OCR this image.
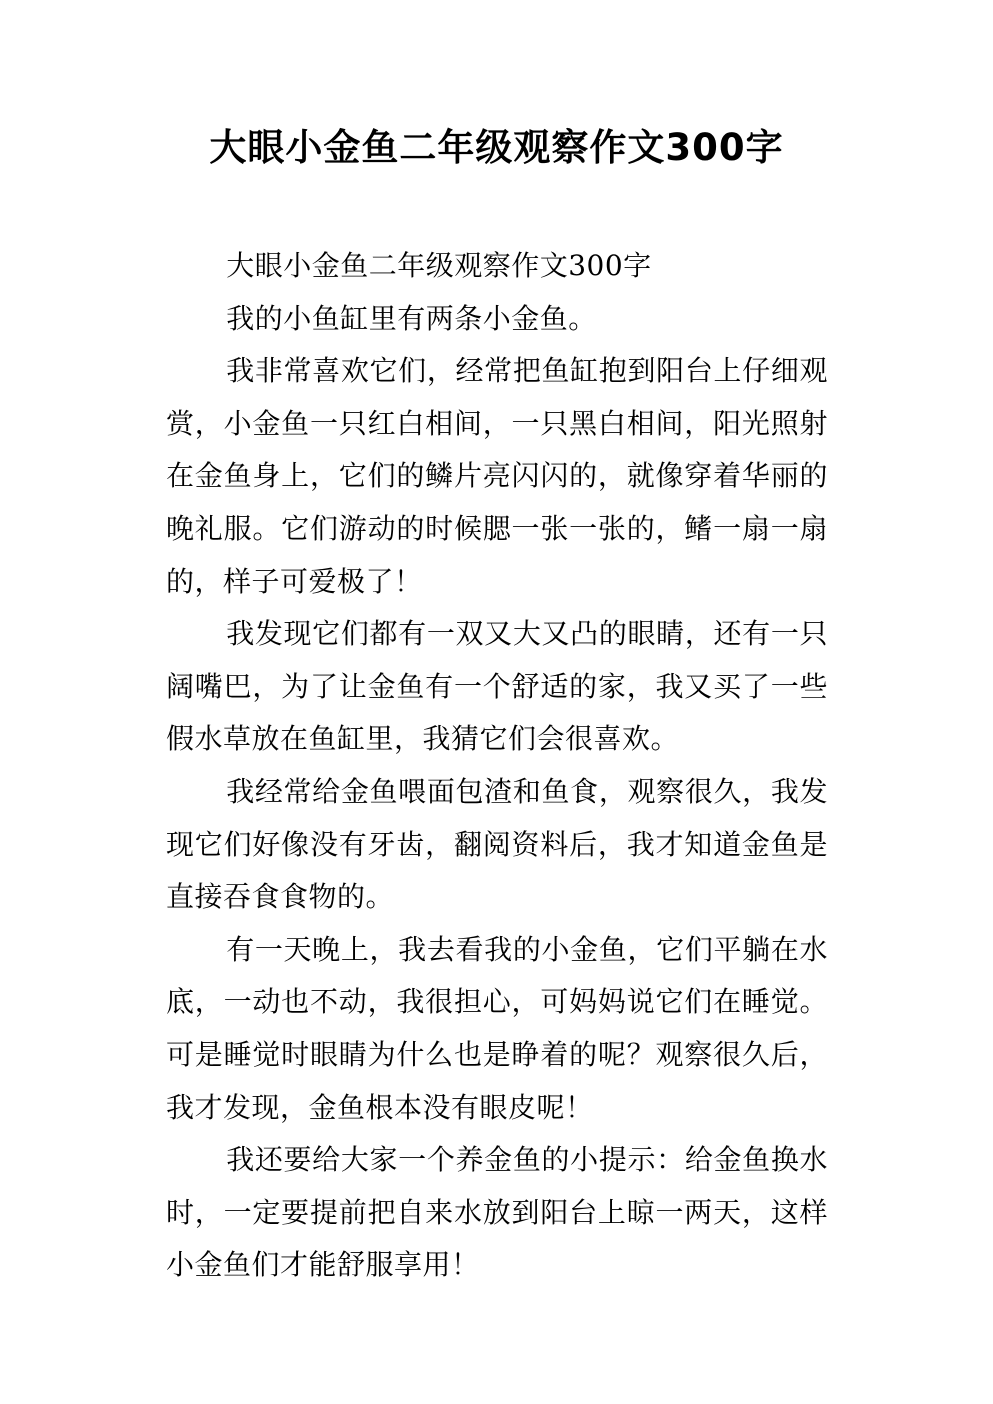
大眼小金鱼二年级观察作文300字

大眼小金鱼二年级观察作文300字

我的小鱼缸里有两条小金鱼。

我非常喜欢它们，经常把鱼缸抱到阳台上仔细观赏，小金鱼一只红白相间，一只黑白相间，阳光照射在金鱼身上，它们的鳞片亮闪闪的，就像穿着华丽的晚礼服。它们游动的时候腮一张一张的，鳍一扇一扇的，样子可爱极了！

我发现它们都有一双又大又凸的眼睛，还有一只阔嘴巴，为了让金鱼有一个舒适的家，我又买了一些假水草放在鱼缸里，我猜它们会很喜欢。

我经常给金鱼喂面包渣和鱼食，观察很久，我发现它们好像没有牙齿，翻阅资料后，我才知道金鱼是直接吞食食物的。

有一天晚上，我去看我的小金鱼，它们平躺在水底，一动也不动，我很担心，可妈妈说它们在睡觉。可是睡觉时眼睛为什么也是睁着的呢？观察很久后，我才发现，金鱼根本没有眼皮呢！

我还要给大家一个养金鱼的小提示：给金鱼换水时，一定要提前把自来水放到阳台上晾一两天，这样小金鱼们才能舒服享用！
